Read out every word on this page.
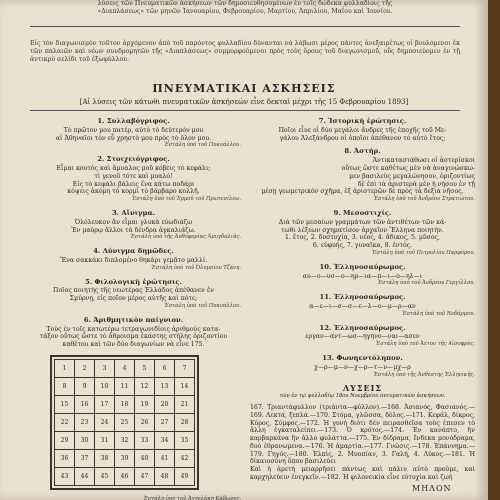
λύσεις τῶν Πνευματικῶν ἀσκήσεων τῶν δημοσιευθησομένων ἐν τοῖς δώδεκα φυλλαδίοις τῆς
«Διαπλάσεως» τῶν μηνῶν Ἰανουαρίου, Φεβρουαρίου, Μαρτίου, Ἀπριλίου, Μαΐου καὶ Ἰουνίου.
Εἰς τὸν διαγωνισμὸν τοῦτον ἀρχόμενον ἀπὸ τοῦ παρόντος φυλλαδίου δύνανται νὰ λάβωσι μέρος πάντες ἀνεξαιρέτως οἱ βουλόμενοι ἐκ τῶν παλαιῶν καὶ νέων συνδρομητῶν τῆς «Διαπλάσεως» συμμορφούμενοι πρὸς τοὺς ὅρους τοῦ διαγωνισμοῦ, οὓς δημοσιεύομεν ἐν τῇ ἀντικρὺ σελίδι τοῦ ἐξωφύλλου.
ΠΝΕΥΜΑΤΙΚΑΙ ΑΣΚΗΣΕΙΣ
[Αἱ λύσεις τῶν κάτωθι πνευματικῶν ἀσκήσεών εἶνε δεκταὶ μέχρι τῆς 15 Φεβρουαρίου 1893]
1. Συλλαβόγριφος.
Τὸ πρῶτον μου πατέρ, αὐτὸ τὸ δεύτερόν μου
αἱ Ἀθηναῖοι τὸν εὖ χρηστὸ μου πρὸς τὸ ὄλον μου.
Ἐστάλη ὑπὸ τοῦ Πυκνάλλου.
2. Στοιχειόγριφος.
Εἶμαι κουτὸς καὶ ἄμυαλος μοῦ κόβεις τὸ κεφάλι;
τὶ γενοῦ τότε καὶ μυαλό!
Εἰς τὸ κεφάλι βάλεις ἕνα κάτω ποδάρι
κόψεις ἀκόμη τὸ κορμὶ τὸ βάρβαρο κολλῆ.
Ἐστάλη ὑπὸ τοῦ Ἐρμοῦ τοῦ Πρωτεσίλεω.
3. Αἴνιγμα.
Ὁλόλευκον ἂν εἶμαι γλυκὰ εὐωδιάζω
Ἐν μαύρῳ ἄλλοι τὰ δένδρα ἀγκαλιάζω.
Ἐστάλη ὑπὸ τῆς Ἀνθοφορίας Ἀμυγδαλιᾶς.
4. Λύνιγμα δημῶδες.
Ἕνα σακκάκι διπλομένο θηκάρι γεμᾶτο μαλλί.
Ἐστάλη ὑπὸ τοῦ Ὀλυμπίου Τζάνη.
5. Φιλολογικὴ ἐρώτησις.
Ποῖος ποιητὴς τῆς νεωτέρας Ἑλλάδος ἀπέθανεν ἐν
Σμύρνῃ, εἰς ποῖον μέρος αὐτῆς καὶ πότε;
Ἐστάλη ὑπὸ τοῦ Πυκνάλλου.
6. Ἀριθμητικὸν παίγνιον.
Τοὺς ἐν τοῖς κατωτέρω τετραγωνιδίοις ἀριθμοὺς κατα-
τάξον οὕτως ὥστε τὸ ἄθροισμα ἑκάστης στήλης ὁριζοντίου
καθέτου καὶ τῶν δύο διαγωνίων νὰ εἶνε 175.
1	2	3	4	5	6	7
8	9	10	11	12	13	14
15	16	17	18	19	20	21
22	23	24	25	26	27	28
29	30	31	32	33	34	35
36	37	38	39	40	41	42
43	44	45	46	47	48	49
Ἐστάλη ὑπὸ τοῦ Ἀγγελάκη Κάβωνος.
7. Ἱστορικὴ ἐρώτησις.
Ποῖοι εἶνε οἱ δύο μεγάλοι ἄνδρες τῆς ἐποχῆς τοῦ Με-
γάλου Ἀλεξάνδρου οἱ ὁποῖοι ἀπέθανον τὸ αὐτὸ ἔτος;
8. Ἀστήρ.
Ἀντικαταστάθωσι οἱ ἀστερίσκοι
οὕτως ὥστε καθέτως μὲν νὰ ἀναγινώσκω-
μεν βασιλεὺς μεγαλώνησον, ὁριζοντίως
δὲ ἐπὶ τὰ ἀριστερὰ μὲν ἡ νήσου ἐν τῇ
μέσῃ γεωμετρικὸν σχῆμα, ἐξ ἀριστερῶν δὲ πρὸς τὰ δεξιὰ νῆσος.
Ἐστάλη ὑπὸ τοῦ Ἀνδρέου Στρατιώτου.
9. Μεσοστιχίς.
Διὰ τῶν μεσαίων γραμμάτων τῶν ἀντιθέτων τῶν κά-
τωθι λέξεων σχηματίσον ἀρχαῖον Ἕλληνα ποιητήν.
1. ἔτος, 2. δυστυχία, 3. νέος, 4. ἄδικος, 5. μῦσος,
6. εὐφυής, 7. γυναῖκα, 8. ἐντὸς.
Ἐστάλη ὑπὸ τοῦ Πετρολίου Παρφύρου.
10. Ἑλληνοσαύρωμος.
αυ—ο—υσ—ο—ηρ—ια—π—ι—ο—ηλ—ι
Ἐστάλη ὑπὸ τοῦ Ἀνδρέου Γεργίλλου.
11. Ἑλληνοσαύρωμος.
α—ε—ι—σ—σ—ε—λ—ο—μ—ρ—αν
Ἐστάλη ὑπὸ τοῦ Νεδάρμου.
12. Ἑλληνοσαύρωμος.
εργαν—αντ—ωσ—ηγηνο—ναι—ασεν
Ἐστάλη ὑπὸ τοῦ Ἀέτου τῆς Αἰσοφρύς.
13. Φωνηεντόληπον.
χ—ρ—μ—ν—χ—ρ—τ—ν—μχ—ρ
Ἐστάλη ὑπὸ τῆς Ἀνθέστης Ἐλληνικῆς.
ΛΥΣΕΙΣ
τῶν ἐν τῷ φυλλαδίῳ 18ου Νοεμβρίου πνευματικῶν ἀσκήσεων.
167. Τριαντάφυλλον (τριάντα—φύλλον).—168. Ἀσιανός, Φασιανός.—169. Λεκτά, ξεπλά.—170. Στόμα, γλῶσσα, δόλος.—171. Κεφάλ, δίκρος, Κύρος, Σύμφος.—172. Ἡ γυνή διότι δὲν πειρασθεῖσα τοὺς ἐπεσεν τὸ ἄλλη ἐγκαταλείπει.—173. Ὁ κρότος.—174. Ἐν κανάπτο, ἢν καρβαρκάνα ἢν ἄλλο φυλάττα.—175. Ἐν δίδραμα, ἔνδεκα μονόδραμα, δυό ἐθρανωμενα.—176. Ἡ ἁμαρτία.—177. Γνῶσις.—178. Ἐπάννημα.—179. Γηγός.—180. Ἐλπὶς, 2. Μυοπίαν, 3. Γαλή, 4. Λύκος.—181. Ἡ δίκαιοσύνη ὅπου βασιλεύει
Καὶ ἡ ἀρετὴ μειαρρῆσει πάντως καὶ πάλιν αὐτὸ προύμε, καὶ καρχηλεύειν ἐνεγκεῖν.—182. Ἡ φιλονεικία εἶνε εὐτυχία καὶ ζωή
ΜΗΛΟΝ
